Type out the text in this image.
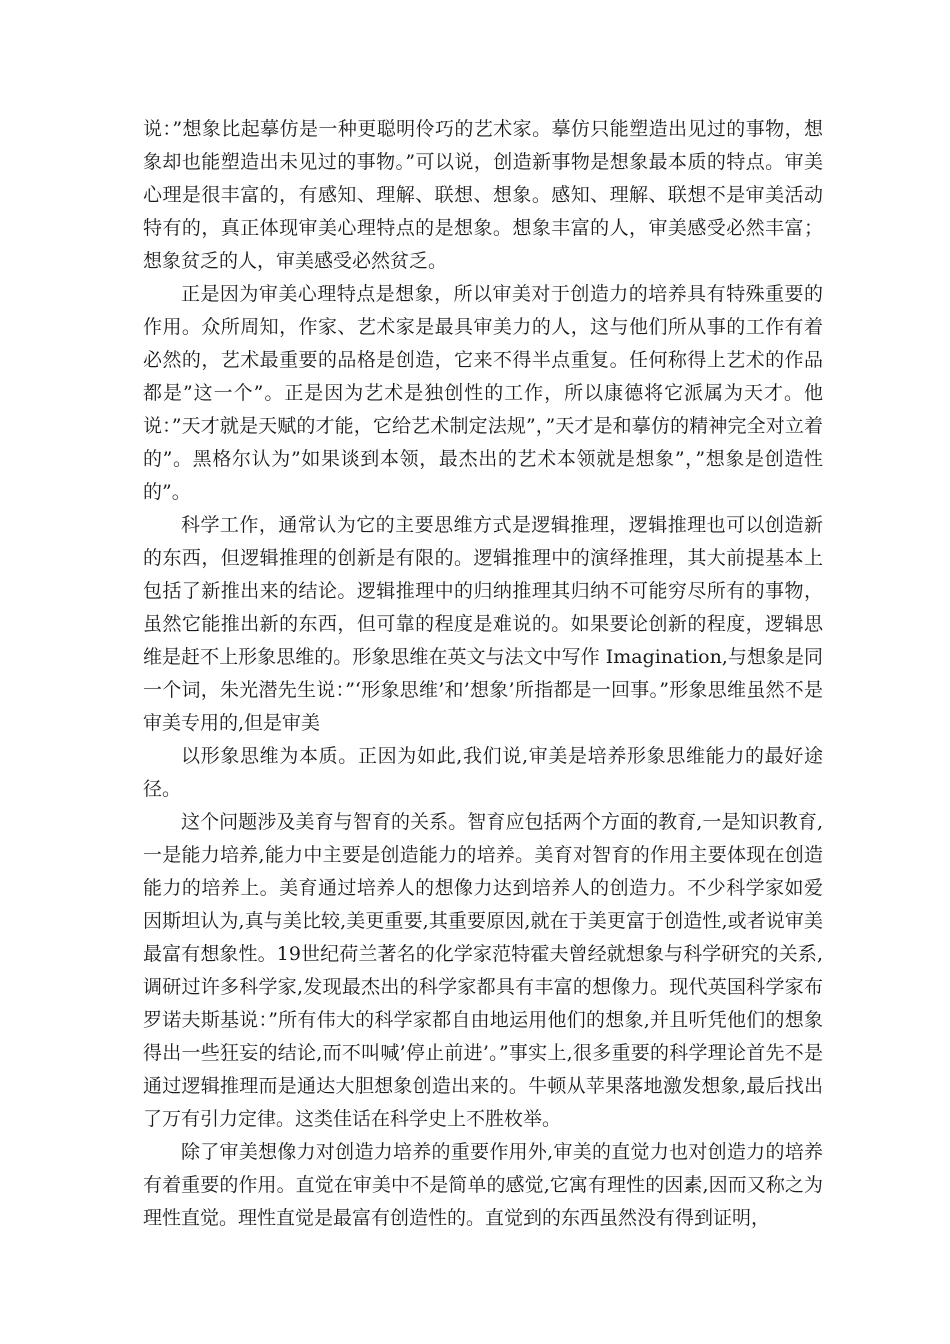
说：”想象比起摹仿是一种更聪明伶巧的艺术家。摹仿只能塑造出见过的事物，想象却也能塑造出未见过的事物。”可以说，创造新事物是想象最本质的特点。审美心理是很丰富的，有感知、理解、联想、想象。感知、理解、联想不是审美活动特有的，真正体现审美心理特点的是想象。想象丰富的人，审美感受必然丰富；想象贫乏的人，审美感受必然贫乏。

正是因为审美心理特点是想象，所以审美对于创造力的培养具有特殊重要的作用。众所周知，作家、艺术家是最具审美力的人，这与他们所从事的工作有着必然的，艺术最重要的品格是创造，它来不得半点重复。任何称得上艺术的作品都是”这一个”。正是因为艺术是独创性的工作，所以康德将它派属为天才。他说：”天才就是天赋的才能，它给艺术制定法规”，”天才是和摹仿的精神完全对立着的”。黑格尔认为”如果谈到本领，最杰出的艺术本领就是想象”，”想象是创造性的”。

科学工作，通常认为它的主要思维方式是逻辑推理，逻辑推理也可以创造新的东西，但逻辑推理的创新是有限的。逻辑推理中的演绎推理，其大前提基本上包括了新推出来的结论。逻辑推理中的归纳推理其归纳不可能穷尽所有的事物，虽然它能推出新的东西，但可靠的程度是难说的。如果要论创新的程度，逻辑思维是赶不上形象思维的。形象思维在英文与法文中写作 Imagination,与想象是同一个词，朱光潜先生说：”‘形象思维’和’想象’所指都是一回事。”形象思维虽然不是审美专用的,但是审美

以形象思维为本质。正因为如此,我们说,审美是培养形象思维能力的最好途径。

这个问题涉及美育与智育的关系。智育应包括两个方面的教育,一是知识教育,一是能力培养,能力中主要是创造能力的培养。美育对智育的作用主要体现在创造能力的培养上。美育通过培养人的想像力达到培养人的创造力。不少科学家如爱因斯坦认为,真与美比较,美更重要,其重要原因,就在于美更富于创造性,或者说审美最富有想象性。19世纪荷兰著名的化学家范特霍夫曾经就想象与科学研究的关系,调研过许多科学家,发现最杰出的科学家都具有丰富的想像力。现代英国科学家布罗诺夫斯基说：”所有伟大的科学家都自由地运用他们的想象,并且听凭他们的想象得出一些狂妄的结论,而不叫喊’停止前进’。”事实上,很多重要的科学理论首先不是通过逻辑推理而是通达大胆想象创造出来的。牛顿从苹果落地激发想象,最后找出了万有引力定律。这类佳话在科学史上不胜枚举。

除了审美想像力对创造力培养的重要作用外,审美的直觉力也对创造力的培养有着重要的作用。直觉在审美中不是简单的感觉,它寓有理性的因素,因而又称之为理性直觉。理性直觉是最富有创造性的。直觉到的东西虽然没有得到证明，
